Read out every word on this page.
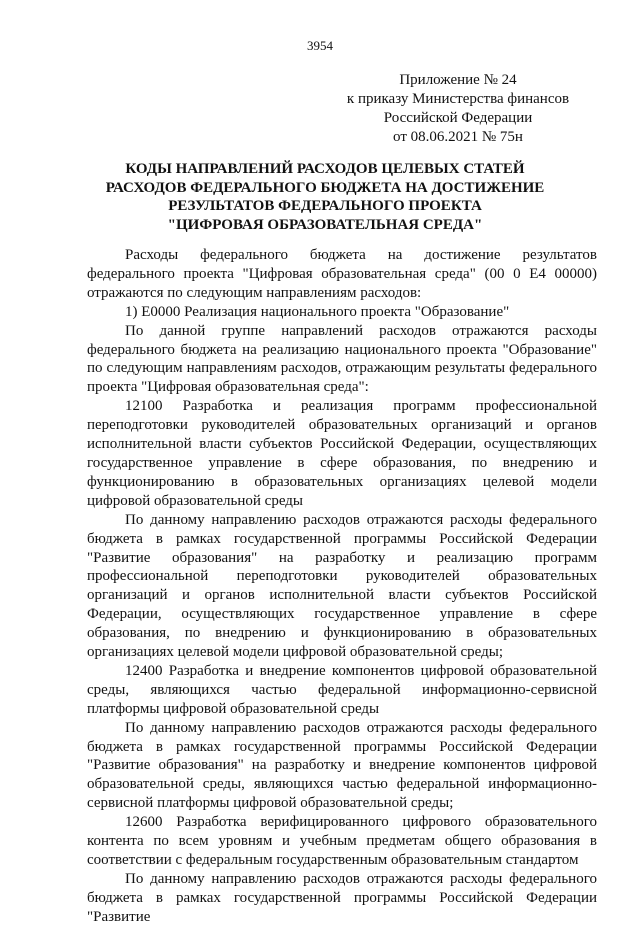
3954
Приложение № 24
к приказу Министерства финансов
Российской Федерации
от 08.06.2021 № 75н
КОДЫ НАПРАВЛЕНИЙ РАСХОДОВ ЦЕЛЕВЫХ СТАТЕЙ
РАСХОДОВ ФЕДЕРАЛЬНОГО БЮДЖЕТА НА ДОСТИЖЕНИЕ
РЕЗУЛЬТАТОВ ФЕДЕРАЛЬНОГО ПРОЕКТА
"ЦИФРОВАЯ ОБРАЗОВАТЕЛЬНАЯ СРЕДА"

Расходы федерального бюджета на достижение результатов федерального проекта "Цифровая образовательная среда" (00 0 Е4 00000) отражаются по следующим направлениям расходов:

1) Е0000 Реализация национального проекта "Образование"

По данной группе направлений расходов отражаются расходы федерального бюджета на реализацию национального проекта "Образование" по следующим направлениям расходов, отражающим результаты федерального проекта "Цифровая образовательная среда":

12100 Разработка и реализация программ профессиональной переподготовки руководителей образовательных организаций и органов исполнительной власти субъектов Российской Федерации, осуществляющих государственное управление в сфере образования, по внедрению и функционированию в образовательных организациях целевой модели цифровой образовательной среды

По данному направлению расходов отражаются расходы федерального бюджета в рамках государственной программы Российской Федерации "Развитие образования" на разработку и реализацию программ профессиональной переподготовки руководителей образовательных организаций и органов исполнительной власти субъектов Российской Федерации, осуществляющих государственное управление в сфере образования, по внедрению и функционированию в образовательных организациях целевой модели цифровой образовательной среды;

12400 Разработка и внедрение компонентов цифровой образовательной среды, являющихся частью федеральной информационно-сервисной платформы цифровой образовательной среды

По данному направлению расходов отражаются расходы федерального бюджета в рамках государственной программы Российской Федерации "Развитие образования" на разработку и внедрение компонентов цифровой образовательной среды, являющихся частью федеральной информационно-сервисной платформы цифровой образовательной среды;

12600 Разработка верифицированного цифрового образовательного контента по всем уровням и учебным предметам общего образования в соответствии с федеральным государственным образовательным стандартом

По данному направлению расходов отражаются расходы федерального бюджета в рамках государственной программы Российской Федерации "Развитие
